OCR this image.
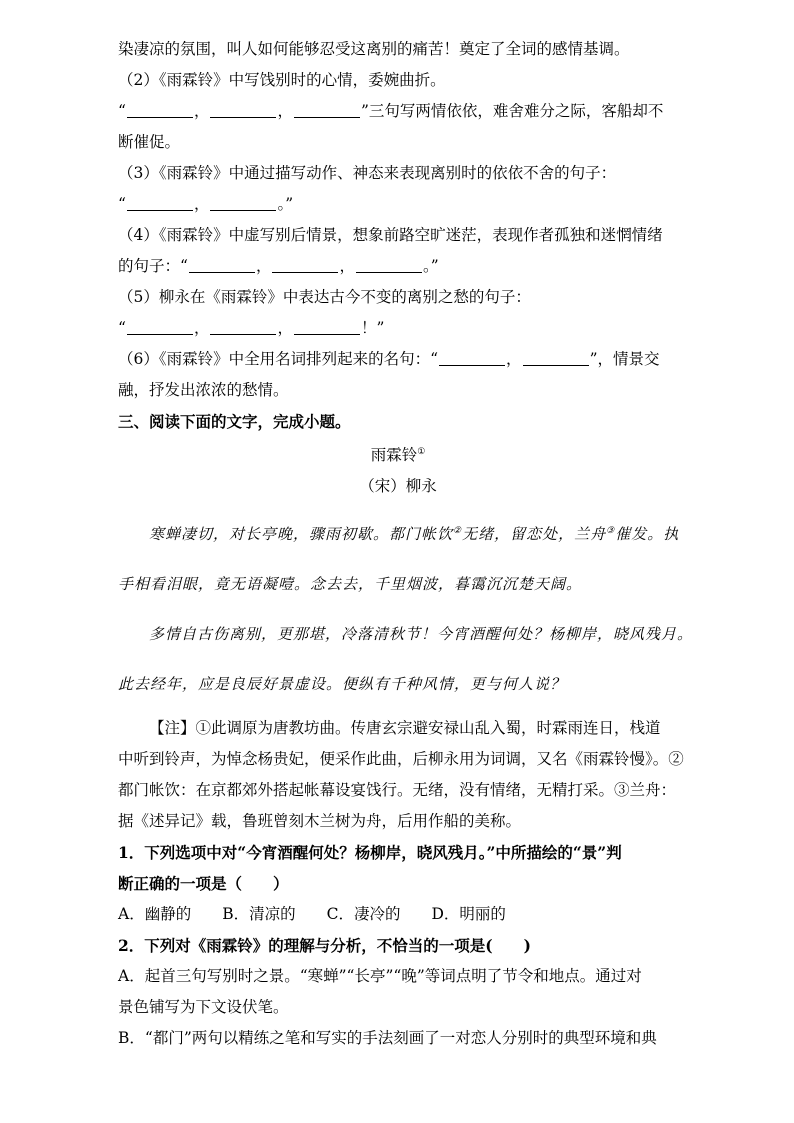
染凄凉的氛围，叫人如何能够忍受这离别的痛苦！奠定了全词的感情基调。
（2）《雨霖铃》中写饯别时的心情，委婉曲折。
“	，	，	”三句写两情依依，难舍难分之际，客船却不
断催促。
（3）《雨霖铃》中通过描写动作、神态来表现离别时的依依不舍的句子：
“	，	。”
（4）《雨霖铃》中虚写别后情景，想象前路空旷迷茫，表现作者孤独和迷惘情绪
的句子：“	，	，	。”
（5）柳永在《雨霖铃》中表达古今不变的离别之愁的句子：
“	，	，	！”
（6）《雨霖铃》中全用名词排列起来的名句：“	，	”，情景交
融，抒发出浓浓的愁情。
三、阅读下面的文字，完成小题。
雨霖铃①
（宋）柳永
寒蝉凄切，对长亭晚，骤雨初歇。都门帐饮②无绪，留恋处，兰舟③催发。执
手相看泪眼，竟无语凝噎。念去去，千里烟波，暮霭沉沉楚天阔。
多情自古伤离别，更那堪，冷落清秋节！今宵酒醒何处？杨柳岸，晓风残月。
此去经年，应是良辰好景虚设。便纵有千种风情，更与何人说？
【注】①此调原为唐教坊曲。传唐玄宗避安禄山乱入蜀，时霖雨连日，栈道
中听到铃声，为悼念杨贵妃，便采作此曲，后柳永用为词调，又名《雨霖铃慢》。②
都门帐饮：在京都郊外搭起帐幕设宴饯行。无绪，没有情绪，无精打采。③兰舟：
据《述异记》载，鲁班曾刻木兰树为舟，后用作船的美称。
1．下列选项中对“今宵酒醒何处？杨柳岸，晓风残月。”中所描绘的“景”判
断正确的一项是（　　）
A．幽静的　　B．清凉的　　C．凄冷的　　D．明丽的
2．下列对《雨霖铃》的理解与分析，不恰当的一项是(　　)
A．起首三句写别时之景。“寒蝉”“长亭”“晚”等词点明了节令和地点。通过对
景色铺写为下文设伏笔。
B．“都门”两句以精练之笔和写实的手法刻画了一对恋人分别时的典型环境和典
